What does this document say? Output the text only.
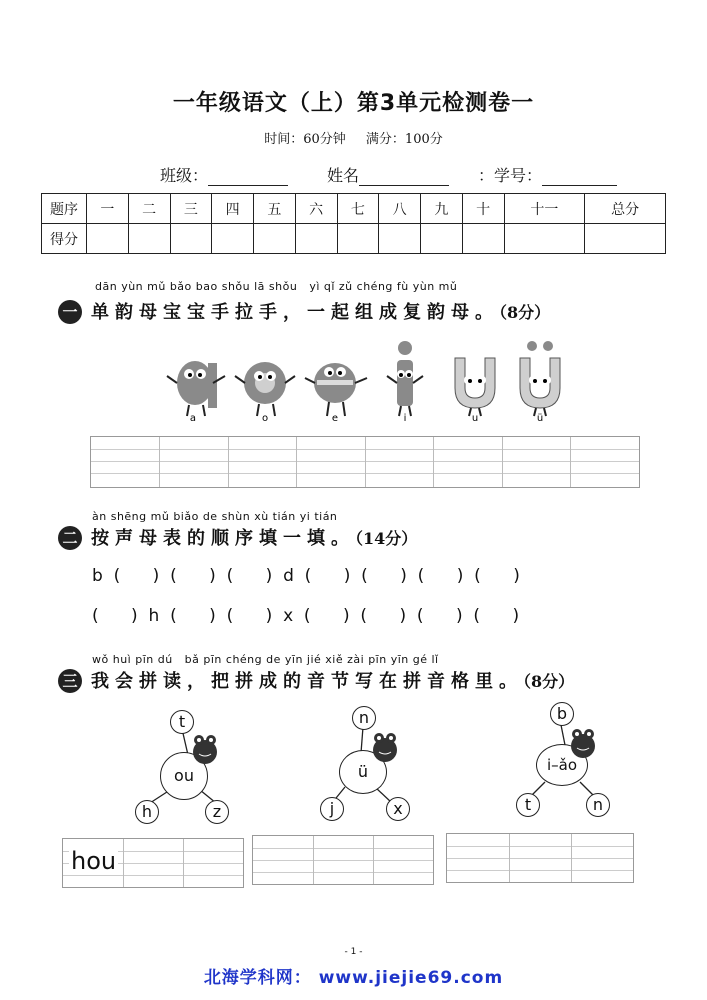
一年级语文（上）第3单元检测卷一
时间：60分钟 满分：100分
班级：	姓名	：学号：
题序	一	二	三	四	五	六	七	八	九	十	十一	总分
得分												
dān yùn mǔ bǎo bao shǒu lā shǒu   yì qǐ zǔ chéng fù yùn mǔ
一 单韵母宝宝手拉手，一起组成复韵母。（8分）
a	o	e	i	u	ü
àn shēng mǔ biǎo de shùn xù tián yi tián
二 按声母表的顺序填一填。（14分）
b  (      )  (      )  (      )  d  (      )  (      )  (      )  (      )
(      )  h  (      )  (      )  x  (      )  (      )  (      )  (      )
wǒ huì pīn dú   bǎ pīn chéng de yīn jié xiě zài pīn yīn gé lǐ
三 我会拼读，把拼成的音节写在拼音格里。（8分）
t
ou
h	z
n
ü
j	x
b
i–ǎo
t	n
hou
- 1 -
北海学科网： www.jiejie69.com
